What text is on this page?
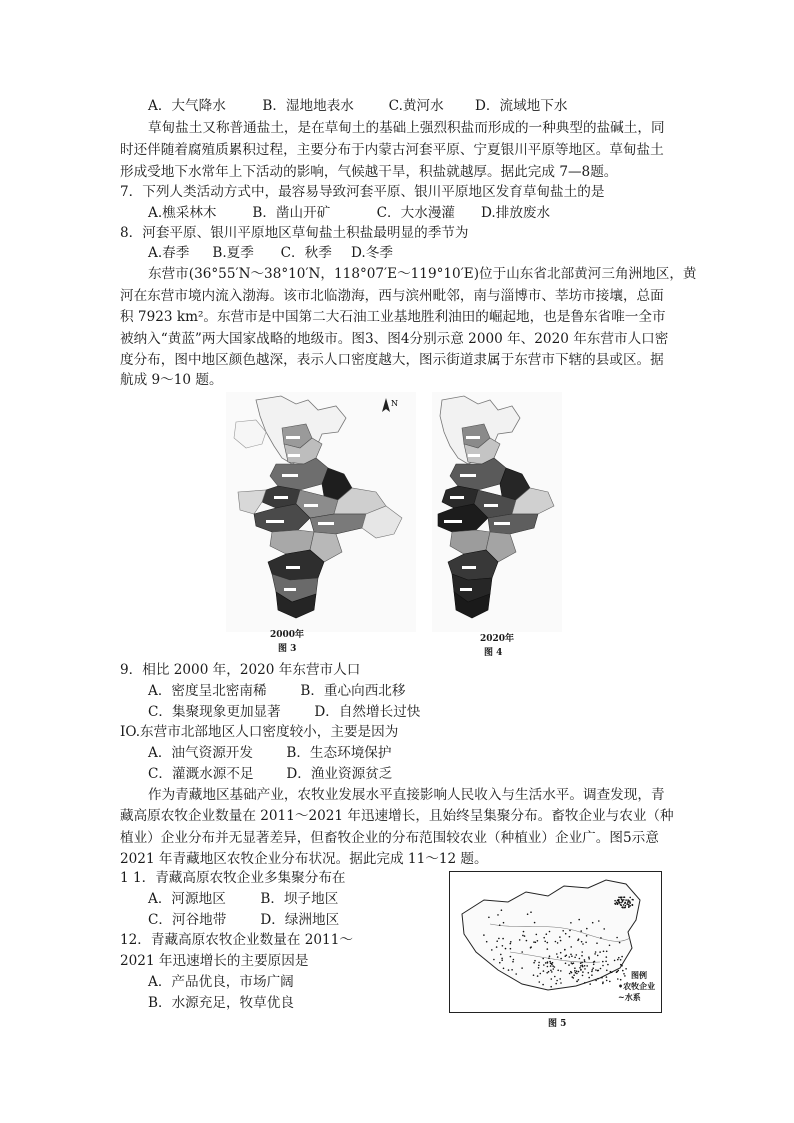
A．大气降水	B．湿地地表水	C.黄河水 D．流域地下水
草甸盐土又称普通盐土，是在草甸土的基础上强烈积盐而形成的一种典型的盐碱土，同
时还伴随着腐殖质累积过程，主要分布于内蒙古河套平原、宁夏银川平原等地区。草甸盐土
形成受地下水常年上下活动的影响，气候越干旱，积盐就越厚。据此完成 7—8题。
7．下列人类活动方式中，最容易导致河套平原、银川平原地区发育草甸盐土的是
A.樵采林木	B．凿山开矿	C．大水漫灌 D.排放废水
8．河套平原、银川平原地区草甸盐土积盐最明显的季节为
A.春季 B.夏季 C．秋季 D.冬季
东营市(36°55′N～38°10′N，118°07′E～119°10′E)位于山东省北部黄河三角洲地区，黄
河在东营市境内流入渤海。该市北临渤海，西与滨州毗邻，南与淄博市、莘坊市接壤，总面
积 7923 km²。东营市是中国第二大石油工业基地胜利油田的崛起地，也是鲁东省唯一全市
被纳入“黄蓝”两大国家战略的地级市。图3、图4分别示意 2000 年、2020 年东营市人口密
度分布，图中地区颜色越深，表示人口密度越大，图示街道隶属于东营市下辖的县或区。据
航成 9～10 题。
N
2000年
图 3
2020年
图 4
9．相比 2000 年，2020 年东营市人口
A．密度呈北密南稀 B．重心向西北移
C．集聚现象更加显著 D．自然增长过快
IO.东营市北部地区人口密度较小，主要是因为
A．油气资源开发 B．生态环境保护
C．灌溉水源不足 D．渔业资源贫乏
作为青藏地区基础产业，农牧业发展水平直接影响人民收入与生活水平。调查发现，青
藏高原农牧企业数量在 2011～2021 年迅速增长，且始终呈集聚分布。畜牧企业与农业（种
植业）企业分布并无显著差异，但畜牧企业的分布范围较农业（种植业）企业广。图5示意
2021 年青藏地区农牧企业分布状况。据此完成 11～12 题。
1 1．青藏高原农牧企业多集聚分布在
A．河源地区	B．坝子地区
C．河谷地带 D．绿洲地区
12．青藏高原农牧企业数量在 2011～
2021 年迅速增长的主要原因是
A．产品优良，市场广阔
B．水源充足，牧草优良
图例
•农牧企业
~水系
图 5
